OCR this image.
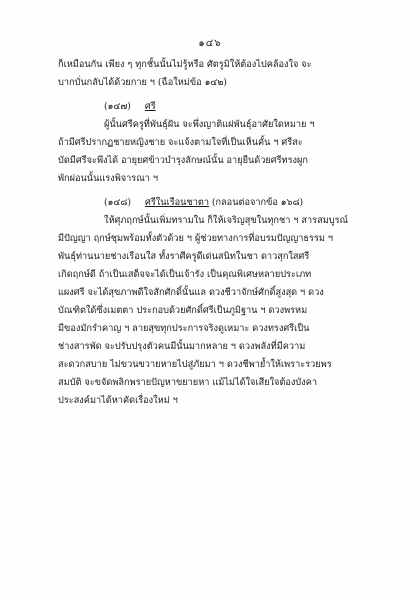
๑๔๖
ก็เหมือนกัน เพียง ๆ ทุกชั้นนั้นไม่รู้หรือ ศัตรูมิให้ต้องไปคล้องใจ จะ
บากบั่นกลับได้ด้วยกาย ฯ (ฉือใหม่ข้อ ๑๔๒)
(๑๔๗) ศรี
ผู้นั้นศรีครูที่พันธุ์ฝัน จะพึ่งญาติแผ่พันธุ์อาศัยใดหมาย ฯ
ถ้ามีศรีปรากฏชายหญิงชาย จะแจ้งตามใจที่เป็นเห็นคั้น ฯ ศรีสะ
บัดมีศรีจะพึงได้ อายุยศข้าวบำรุงลักษณ์นั้น อายุยืนด้วยศรีทรงผูก
พักผ่อนนั้นแรงพิจารณา ฯ
(๑๔๘) ศรีในเรือนชาตา (กลอนต่อจากข้อ ๑๖๘)
ให้ศุภฤกษ์นั้นเพิ่มทรามใน ก็ให้เจริญสุขในทุกชา ฯ สารสมบูรณ์
มีปัญญา ฤกษ์ชุมพร้อมทั้งตัวด้วย ฯ ผู้ช่วยทางการที่อบรมปัญญาธรรม ฯ
พันธุ์ท่านนายช่างเรือนใส ทั้งราศีครูดีเด่นสนิทในชา ดาวสุกใสศรี
เกิดฤกษ์ดี ถ้าเป็นเสด็จจะได้เป็นเจ้ารัง เป็นคุณพิเศษหลายประเภท
แผงศรี จะได้สุขภาพดีใจสักศักดิ์นั้นแล ดวงชีวาจักษ์ศักดิ์สูงสุด ฯ ดวง
บัณฑิตใด้ซึ่งเมตตา ประกอบด้วยศักดิ์ศรีเป็นภูมิฐาน ฯ ดวงพรหม
มีของมักรำคาญ ฯ ลายสุขทุกประการจริงดูเหมาะ ดวงทรงศรีเป็น
ช่างสารพัด จะปรับปรุงตัวคนมีนั้นมากหลาย ฯ ดวงพลังที่มีความ
สะดวกสบาย ไม่ขวนขวายหายไปสู่ภัยมา ฯ ดวงชีพาย้ำให้เพราะรวยพร
สมบัติ จะขจัดพลิกพรายปัญหาขยายหา แม้ไม่ได้ใจเสียใจต้องบังคา
ประสงค์มาได้หาคัดเรื่องใหม่ ฯ
